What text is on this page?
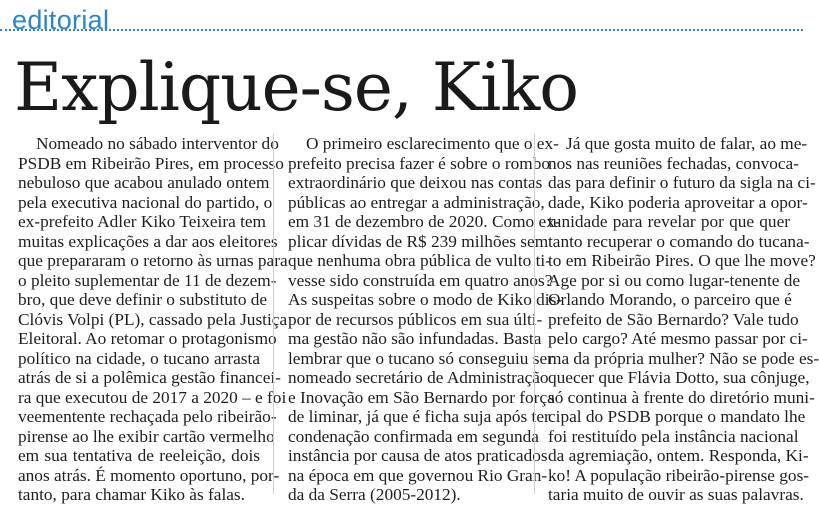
editorial
Explique-se, Kiko

Nomeado no sábado interventor do
PSDB em Ribeirão Pires, em processo
nebuloso que acabou anulado ontem
pela executiva nacional do partido, o
ex-prefeito Adler Kiko Teixeira tem
muitas explicações a dar aos eleitores
que prepararam o retorno às urnas para
o pleito suplementar de 11 de dezem-
bro, que deve definir o substituto de
Clóvis Volpi (PL), cassado pela Justiça
Eleitoral. Ao retomar o protagonismo
político na cidade, o tucano arrasta
atrás de si a polêmica gestão financei-
ra que executou de 2017 a 2020 – e foi
veementente rechaçada pelo ribeirão-
pirense ao lhe exibir cartão vermelho
em sua tentativa de reeleição, dois
anos atrás. É momento oportuno, por-
tanto, para chamar Kiko às falas.

O primeiro esclarecimento que o ex-
prefeito precisa fazer é sobre o rombo
extraordinário que deixou nas contas
públicas ao entregar a administração,
em 31 de dezembro de 2020. Como ex-
plicar dívidas de R$ 239 milhões sem
que nenhuma obra pública de vulto ti-
vesse sido construída em quatro anos?
As suspeitas sobre o modo de Kiko dis-
por de recursos públicos em sua últi-
ma gestão não são infundadas. Basta
lembrar que o tucano só conseguiu ser
nomeado secretário de Administração
e Inovação em São Bernardo por força
de liminar, já que é ficha suja após ter
condenação confirmada em segunda
instância por causa de atos praticados
na época em que governou Rio Gran-
da da Serra (2005-2012).

Já que gosta muito de falar, ao me-
nos nas reuniões fechadas, convoca-
das para definir o futuro da sigla na ci-
dade, Kiko poderia aproveitar a opor-
tunidade para revelar por que quer
tanto recuperar o comando do tucana-
to em Ribeirão Pires. O que lhe move?
Age por si ou como lugar-tenente de
Orlando Morando, o parceiro que é
prefeito de São Bernardo? Vale tudo
pelo cargo? Até mesmo passar por ci-
ma da própria mulher? Não se pode es-
quecer que Flávia Dotto, sua cônjuge,
só continua à frente do diretório muni-
cipal do PSDB porque o mandato lhe
foi restituído pela instância nacional
da agremiação, ontem. Responda, Ki-
ko! A população ribeirão-pirense gos-
taria muito de ouvir as suas palavras.
